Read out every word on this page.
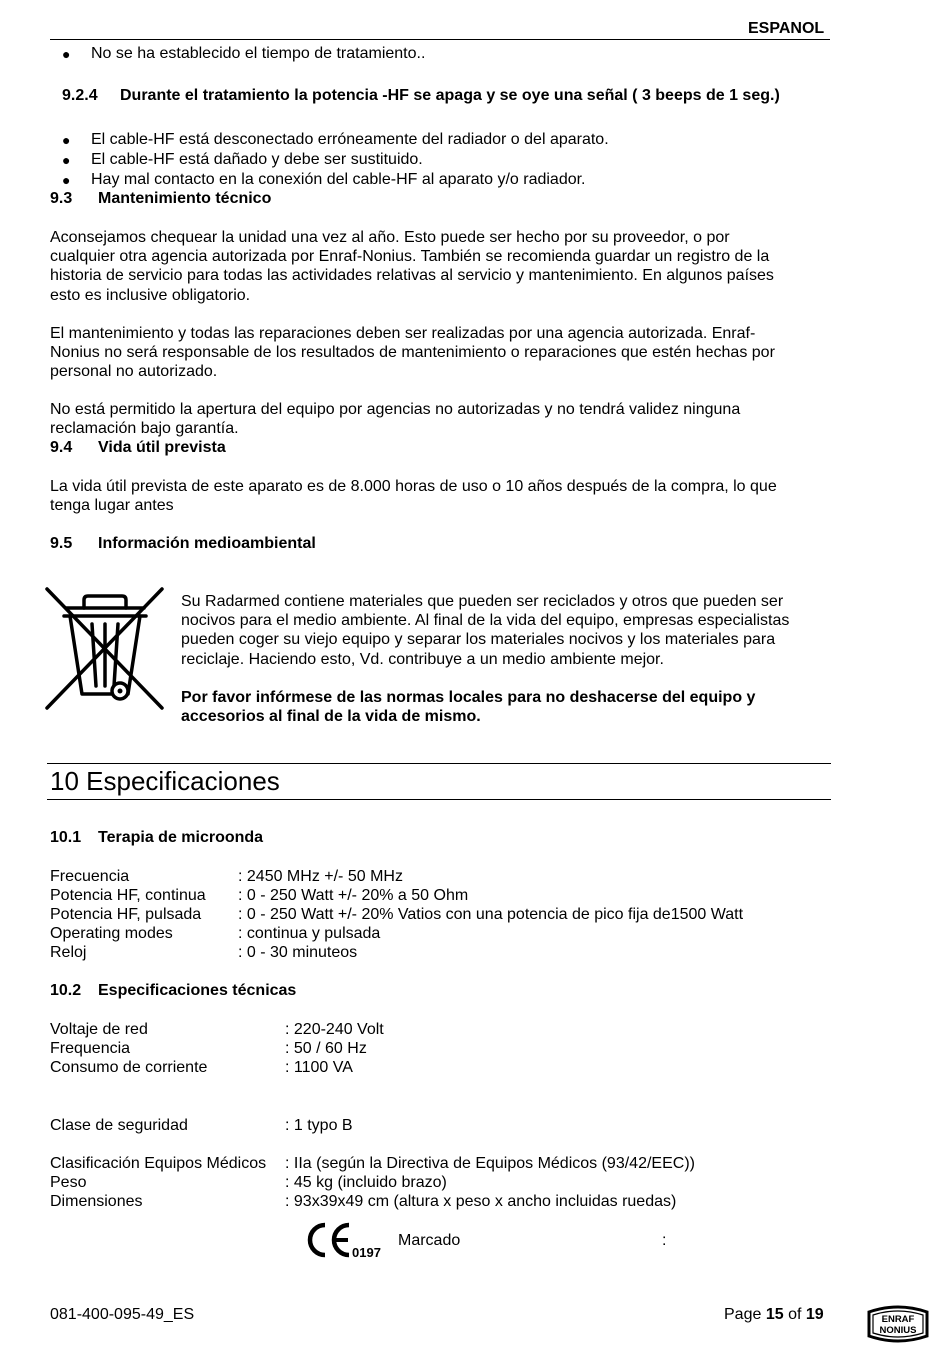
ESPANOL
●	No se ha establecido el tiempo de tratamiento..
9.2.4 Durante el tratamiento la potencia -HF se apaga y se oye una señal ( 3 beeps de 1 seg.)
●	El cable-HF está desconectado erróneamente del radiador o del aparato.
●	El cable-HF está dañado y debe ser sustituido.
●	Hay mal contacto en la conexión del cable-HF al aparato y/o radiador.
9.3 Mantenimiento técnico
Aconsejamos chequear la unidad una vez al año. Esto puede ser hecho por su proveedor, o por
cualquier otra agencia autorizada por Enraf-Nonius. También se recomienda guardar un registro de la
historia de servicio para todas las actividades relativas al servicio y mantenimiento. En algunos países
esto es inclusive obligatorio.
El mantenimiento y todas las reparaciones deben ser realizadas por una agencia autorizada. Enraf-
Nonius no será responsable de los resultados de mantenimiento o reparaciones que estén hechas por
personal no autorizado.
No está permitido la apertura del equipo por agencias no autorizadas y no tendrá validez ninguna
reclamación bajo garantía.
9.4 Vida útil prevista
La vida útil prevista de este aparato es de 8.000 horas de uso o 10 años después de la compra, lo que
tenga lugar antes
9.5 Información medioambiental
Su Radarmed contiene materiales que pueden ser reciclados y otros que pueden ser
nocivos para el medio ambiente. Al final de la vida del equipo, empresas especialistas
pueden coger su viejo equipo y separar los materiales nocivos y los materiales para
reciclaje. Haciendo esto, Vd. contribuye a un medio ambiente mejor.
Por favor infórmese de las normas locales para no deshacerse del equipo y
accesorios al final de la vida de mismo.
10 Especificaciones
10.1 Terapia de microonda
Frecuencia	: 2450 MHz +/- 50 MHz
Potencia HF, continua : 0 - 250 Watt +/- 20% a 50 Ohm
Potencia HF, pulsada : 0 - 250 Watt +/- 20% Vatios con una potencia de pico fija de1500 Watt
Operating modes	: continua y pulsada
Reloj	: 0 - 30 minuteos
10.2 Especificaciones técnicas
Voltaje de red	: 220-240 Volt
Frequencia	: 50 / 60 Hz
Consumo de corriente	: 1100 VA
Clase de seguridad	: 1 typo B
Clasificación Equipos Médicos : IIa (según la Directiva de Equipos Médicos (93/42/EEC))
Peso	: 45 kg (incluido brazo)
Dimensiones	: 93x39x49 cm (altura x peso x ancho incluidas ruedas)
0197
Marcado	:
081-400-095-49_ES	Page 15 of 19	ENRAF
NONIUS
